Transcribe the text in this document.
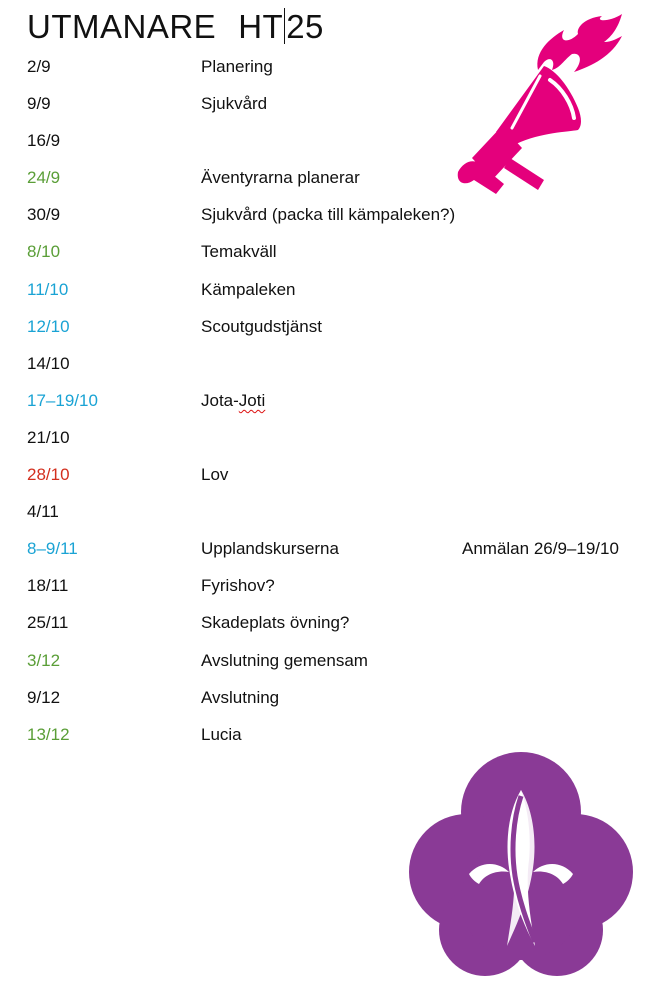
UTMANARE HT25
2/9	Planering
9/9	Sjukvård
16/9
24/9	Äventyrarna planerar
30/9	Sjukvård (packa till kämpaleken?)
8/10	Temakväll
11/10	Kämpaleken
12/10	Scoutgudstjänst
14/10
17–19/10	Jota-Joti
21/10
28/10	Lov
4/11
8–9/11	Upplandskurserna	Anmälan 26/9–19/10
18/11	Fyrishov?
25/11	Skadeplats övning?
3/12	Avslutning gemensam
9/12	Avslutning
13/12	Lucia
